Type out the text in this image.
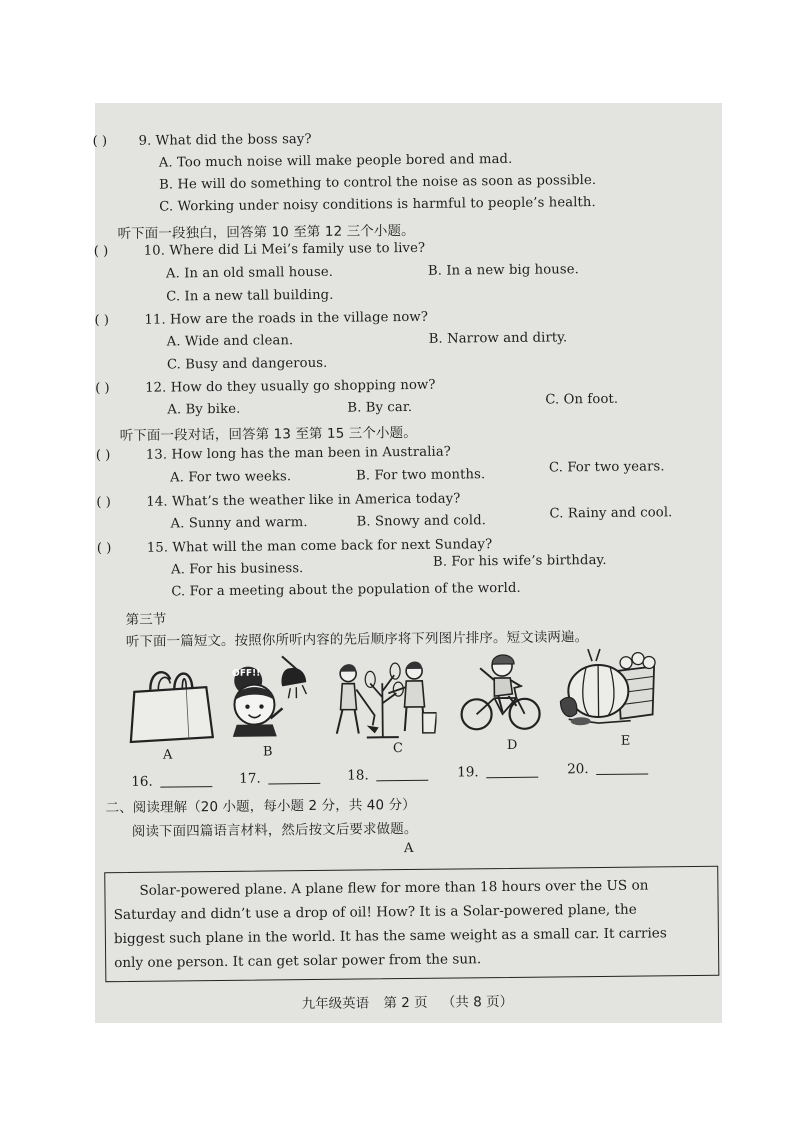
( ) 9. What did the boss say?
A. Too much noise will make people bored and mad.
B. He will do something to control the noise as soon as possible.
C. Working under noisy conditions is harmful to people’s health.
听下面一段独白，回答第 10 至第 12 三个小题。
( )	10. Where did Li Mei’s family use to live?
A. In an old small house.	B. In a new big house.
C. In a new tall building.
( )	11. How are the roads in the village now?
A. Wide and clean.	B. Narrow and dirty.
C. Busy and dangerous.
( )	12. How do they usually go shopping now?
A. By bike.	B. By car.
C. On foot.
听下面一段对话，回答第 13 至第 15 三个小题。
( )	13. How long has the man been in Australia?
A. For two weeks.	B. For two months.	C. For two years.
( )	14. What’s the weather like in America today?
A. Sunny and warm.	B. Snowy and cold.	C. Rainy and cool.
( )	15. What will the man come back for next Sunday?
A. For his business.	B. For his wife’s birthday.
C. For a meeting about the population of the world.
第三节
听下面一篇短文。按照你所听内容的先后顺序将下列图片排序。短文读两遍。
A
OFF!!
B	C	D	E
16.	17.	18.	19.	20.
二、阅读理解（20 小题，每小题 2 分，共 40 分）
阅读下面四篇语言材料，然后按文后要求做题。
A
Solar-powered plane. A plane flew for more than 18 hours over the US on
Saturday and didn’t use a drop of oil! How? It is a Solar-powered plane, the
biggest such plane in the world. It has the same weight as a small car. It carries
only one person. It can get solar power from the sun.
九年级英语 第 2 页 （共 8 页）
